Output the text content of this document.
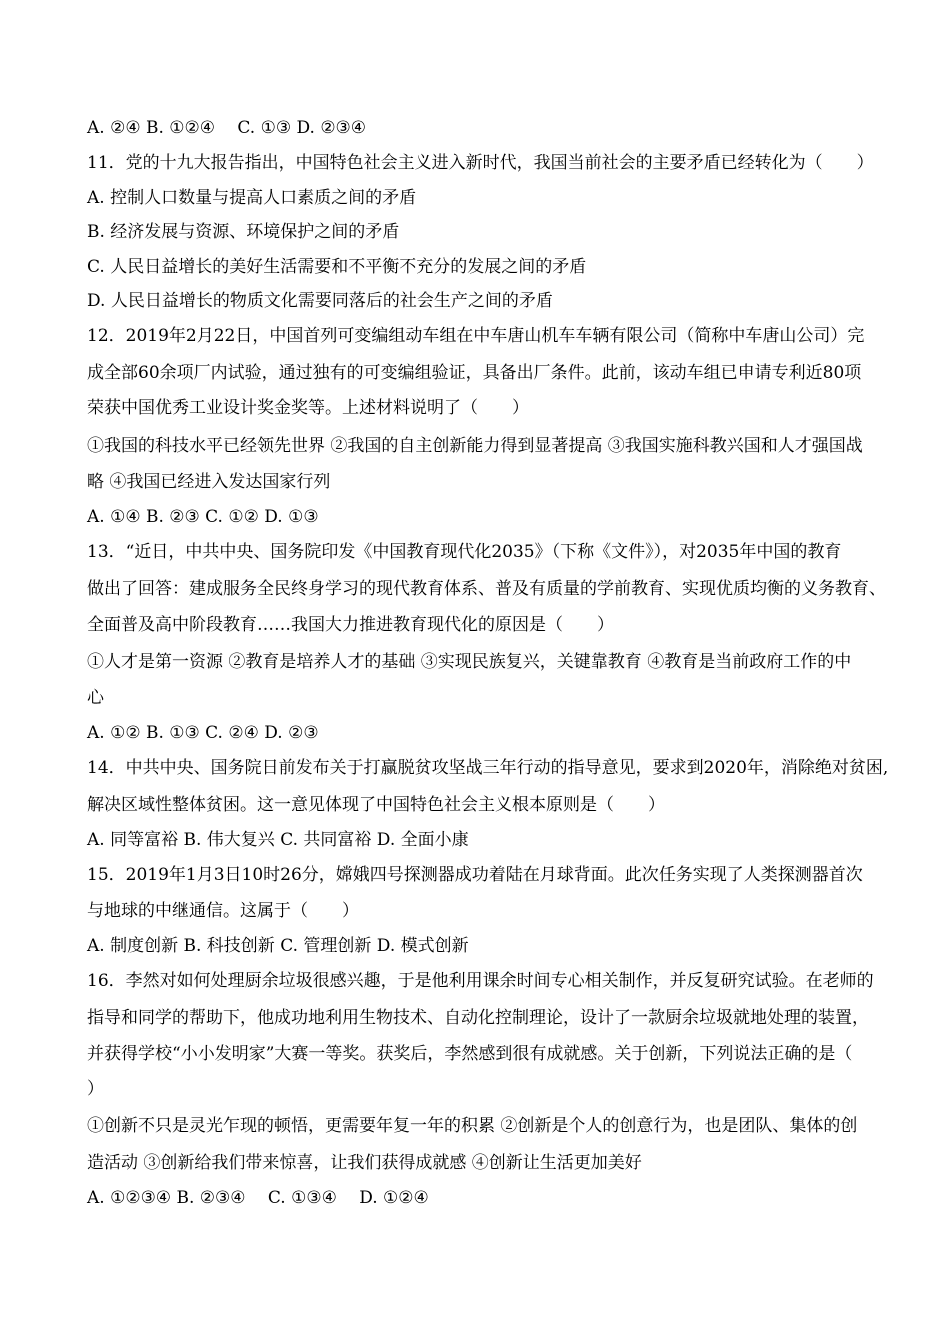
A. ②④ B. ①②④　 C. ①③ D. ②③④
11．党的十九大报告指出，中国特色社会主义进入新时代，我国当前社会的主要矛盾已经转化为（　　）
A. 控制人口数量与提高人口素质之间的矛盾
B. 经济发展与资源、环境保护之间的矛盾
C. 人民日益增长的美好生活需要和不平衡不充分的发展之间的矛盾
D. 人民日益增长的物质文化需要同落后的社会生产之间的矛盾
12．2019年2月22日，中国首列可变编组动车组在中车唐山机车车辆有限公司（简称中车唐山公司）完
成全部60余项厂内试验，通过独有的可变编组验证，具备出厂条件。此前，该动车组已申请专利近80项
荣获中国优秀工业设计奖金奖等。上述材料说明了（　　）
①我国的科技水平已经领先世界 ②我国的自主创新能力得到显著提高 ③我国实施科教兴国和人才强国战
略 ④我国已经进入发达国家行列
A. ①④ B. ②③ C. ①② D. ①③
13．“近日，中共中央、国务院印发《中国教育现代化2035》（下称《文件》），对2035年中国的教育
做出了回答：建成服务全民终身学习的现代教育体系、普及有质量的学前教育、实现优质均衡的义务教育、
全面普及高中阶段教育……我国大力推进教育现代化的原因是（　　）
①人才是第一资源 ②教育是培养人才的基础 ③实现民族复兴，关键靠教育 ④教育是当前政府工作的中
心
A. ①② B. ①③ C. ②④ D. ②③
14．中共中央、国务院日前发布关于打赢脱贫攻坚战三年行动的指导意见，要求到2020年，消除绝对贫困,
解决区域性整体贫困。这一意见体现了中国特色社会主义根本原则是（　　）
A. 同等富裕 B. 伟大复兴 C. 共同富裕 D. 全面小康
15．2019年1月3日10时26分，嫦娥四号探测器成功着陆在月球背面。此次任务实现了人类探测器首次
与地球的中继通信。这属于（　　）
A. 制度创新 B. 科技创新 C. 管理创新 D. 模式创新
16．李然对如何处理厨余垃圾很感兴趣，于是他利用课余时间专心相关制作，并反复研究试验。在老师的
指导和同学的帮助下，他成功地利用生物技术、自动化控制理论，设计了一款厨余垃圾就地处理的装置，
并获得学校“小小发明家”大赛一等奖。获奖后，李然感到很有成就感。关于创新，下列说法正确的是（
）
①创新不只是灵光乍现的顿悟，更需要年复一年的积累 ②创新是个人的创意行为，也是团队、集体的创
造活动 ③创新给我们带来惊喜，让我们获得成就感 ④创新让生活更加美好
A. ①②③④ B. ②③④　 C. ①③④　 D. ①②④
